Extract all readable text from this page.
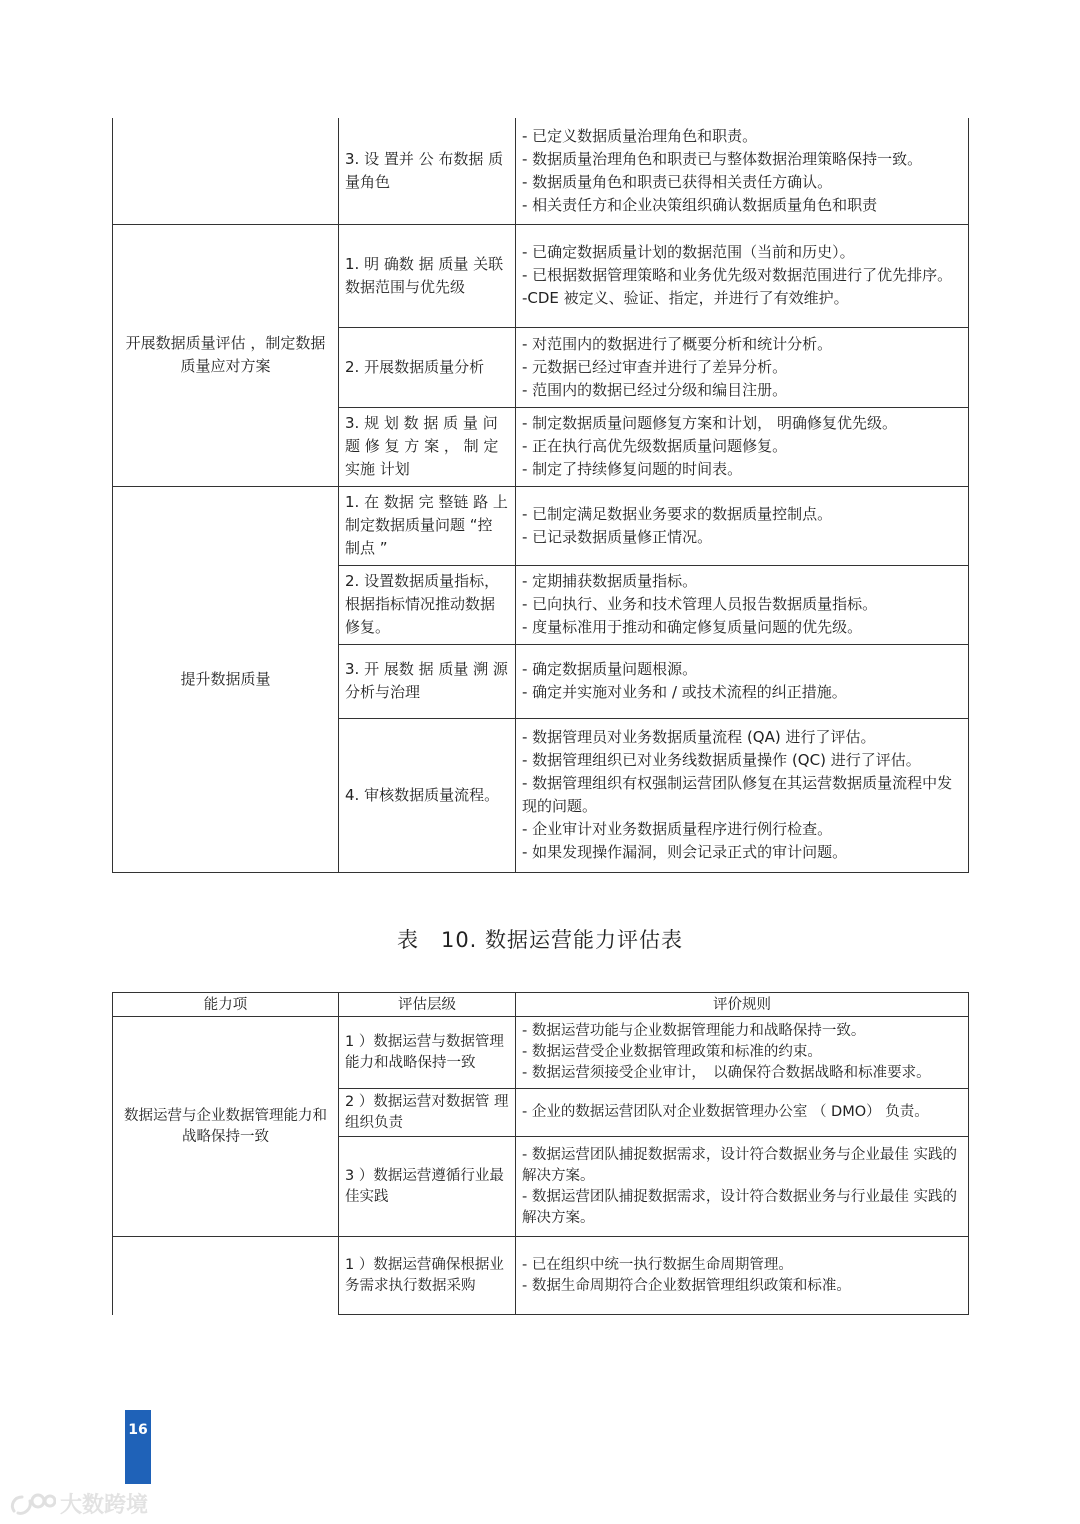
	3. 设 置并 公 布数据 质 量角色	- 已定义数据质量治理角色和职责。
- 数据质量治理角色和职责已与整体数据治理策略保持一致。
- 数据质量角色和职责已获得相关责任方确认。
- 相关责任方和企业决策组织确认数据质量角色和职责

开展数据质量评估 ，制定数据质量应对方案	1. 明 确数 据 质量 关联 数据范围与优先级	- 已确定数据质量计划的数据范围（当前和历史）。
- 已根据数据管理策略和业务优先级对数据范围进行了优先排序。
-CDE 被定义、验证、指定，并进行了有效维护。

	2. 开展数据质量分析	- 对范围内的数据进行了概要分析和统计分析。
- 元数据已经过审查并进行了差异分析。
- 范围内的数据已经过分级和编目注册。

	3. 规 划 数 据 质 量 问 题 修 复 方 案 ， 制 定 实施 计划	- 制定数据质量问题修复方案和计划， 明确修复优先级。
- 正在执行高优先级数据质量问题修复。
- 制定了持续修复问题的时间表。

提升数据质量	1. 在 数据 完 整链 路 上 制定数据质量问题 “控 制点 ”	- 已制定满足数据业务要求的数据质量控制点。
- 已记录数据质量修正情况。

	2. 设置数据质量指标，根据指标情况推动数据修复。	- 定期捕获数据质量指标。
- 已向执行、业务和技术管理人员报告数据质量指标。
- 度量标准用于推动和确定修复质量问题的优先级。

	3. 开 展数 据 质量 溯 源 分析与治理	- 确定数据质量问题根源。
- 确定并实施对业务和 / 或技术流程的纠正措施。

	4. 审核数据质量流程。	- 数据管理员对业务数据质量流程 (QA) 进行了评估。
- 数据管理组织已对业务线数据质量操作 (QC) 进行了评估。
- 数据管理组织有权强制运营团队修复在其运营数据质量流程中发现的问题。
- 企业审计对业务数据质量程序进行例行检查。
- 如果发现操作漏洞，则会记录正式的审计问题。
表　10. 数据运营能力评估表
能力项	评估层级	评价规则
数据运营与企业数据管理能力和战略保持一致	1 ）数据运营与数据管理能力和战略保持一致	- 数据运营功能与企业数据管理能力和战略保持一致。
- 数据运营受企业数据管理政策和标准的约束。
- 数据运营须接受企业审计，　以确保符合数据战略和标准要求。

	2 ）数据运营对数据管 理组织负责	- 企业的数据运营团队对企业数据管理办公室 （ DMO） 负责。

	3 ）数据运营遵循行业最佳实践	- 数据运营团队捕捉数据需求，设计符合数据业务与企业最佳 实践的解决方案。
- 数据运营团队捕捉数据需求，设计符合数据业务与行业最佳 实践的解决方案。

	1 ）数据运营确保根据业务需求执行数据采购	- 已在组织中统一执行数据生命周期管理。
- 数据生命周期符合企业数据管理组织政策和标准。
16
大数跨境
